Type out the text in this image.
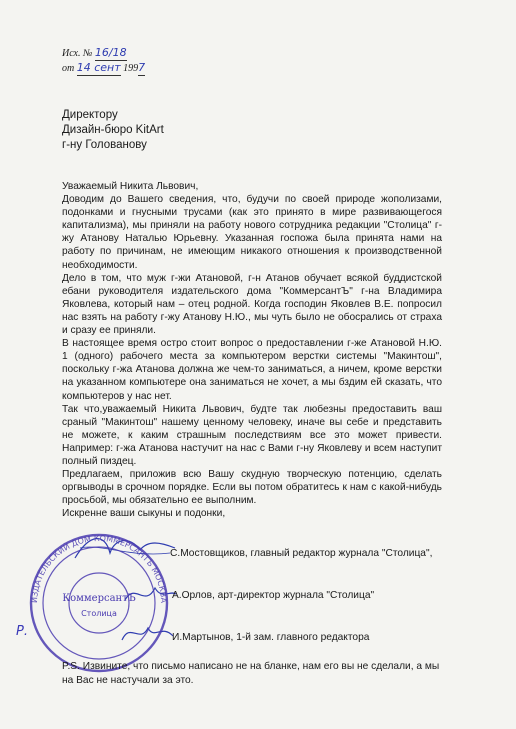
Исх. № 16/18
от 14 сент 1997
Директору
Дизайн-бюро KitArt
г-ну Голованову

Уважаемый Никита Львович,

Доводим до Вашего сведения, что, будучи по своей природе жополизами, подонками и гнусными трусами (как это принято в мире развивающегося капитализма), мы приняли на работу нового сотрудника редакции "Столица" г-жу Атанову Наталью Юрьевну. Указанная госпожа была принята нами на работу по причинам, не имеющим никакого отношения к производственной необходимости.

Дело в том, что муж г-жи Атановой, г-н Атанов обучает всякой буддистской ебани руководителя издательского дома "КоммерсантЪ" г-на Владимира Яковлева, который нам – отец родной. Когда господин Яковлев В.Е. попросил нас взять на работу г-жу Атанову Н.Ю., мы чуть было не обосрались от страха и сразу ее приняли.

В настоящее время остро стоит вопрос о предоставлении г-же Атановой Н.Ю. 1 (одного) рабочего места за компьютером верстки системы "Макинтош", поскольку г-жа Атанова должна же чем-то заниматься, а ничем, кроме верстки на указанном компьютере она заниматься не хочет, а мы бздим ей сказать, что компьютеров у нас нет.

Так что,уважаемый Никита Львович, будте так любезны предоставить ваш сраный "Макинтош" нашему ценному человеку, иначе вы себе и представить не можете, к каким страшным последствиям все это может привести. Например: г-жа Атанова настучит на нас с Вами г-ну Яковлеву и всем наступит полный пиздец.

Предлагаем, приложив всю Вашу скудную творческую потенцию, сделать оргвыводы в срочном порядке. Если вы потом обратитесь к нам с какой-нибудь просьбой, мы обязательно ее выполним.

Искренне ваши сыкуны и подонки,

ИЗДАТЕЛЬСКИЙ ДОМ КОММЕРСАНТЪ МОСКВА
КоммерсантЪ
Столица
Р.
С.Мостовщиков, главный редактор журнала "Столица",
А.Орлов, арт-директор журнала "Столица"
И.Мартынов, 1-й зам. главного редактора
P.S. Извините, что письмо написано не на бланке, нам его вы не сделали, а мы на Вас не настучали за это.
